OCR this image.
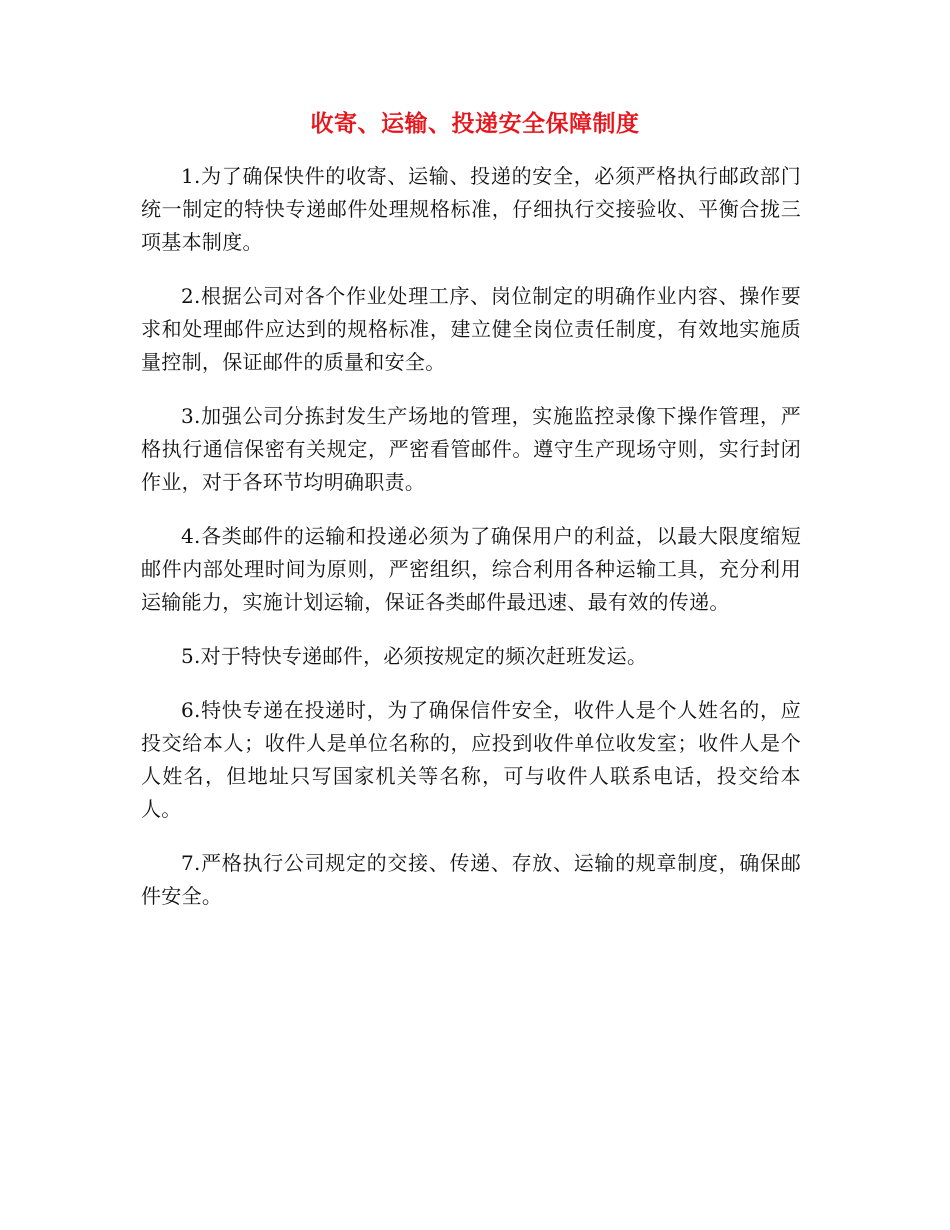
收寄、运输、投递安全保障制度

1.为了确保快件的收寄、运输、投递的安全，必须严格执行邮政部门统一制定的特快专递邮件处理规格标准，仔细执行交接验收、平衡合拢三项基本制度。

2.根据公司对各个作业处理工序、岗位制定的明确作业内容、操作要求和处理邮件应达到的规格标准，建立健全岗位责任制度，有效地实施质量控制，保证邮件的质量和安全。

3.加强公司分拣封发生产场地的管理，实施监控录像下操作管理，严格执行通信保密有关规定，严密看管邮件。遵守生产现场守则，实行封闭作业，对于各环节均明确职责。

4.各类邮件的运输和投递必须为了确保用户的利益，以最大限度缩短邮件内部处理时间为原则，严密组织，综合利用各种运输工具，充分利用运输能力，实施计划运输，保证各类邮件最迅速、最有效的传递。

5.对于特快专递邮件，必须按规定的频次赶班发运。

6.特快专递在投递时，为了确保信件安全，收件人是个人姓名的，应投交给本人；收件人是单位名称的，应投到收件单位收发室；收件人是个人姓名，但地址只写国家机关等名称，可与收件人联系电话，投交给本人。

7.严格执行公司规定的交接、传递、存放、运输的规章制度，确保邮件安全。
